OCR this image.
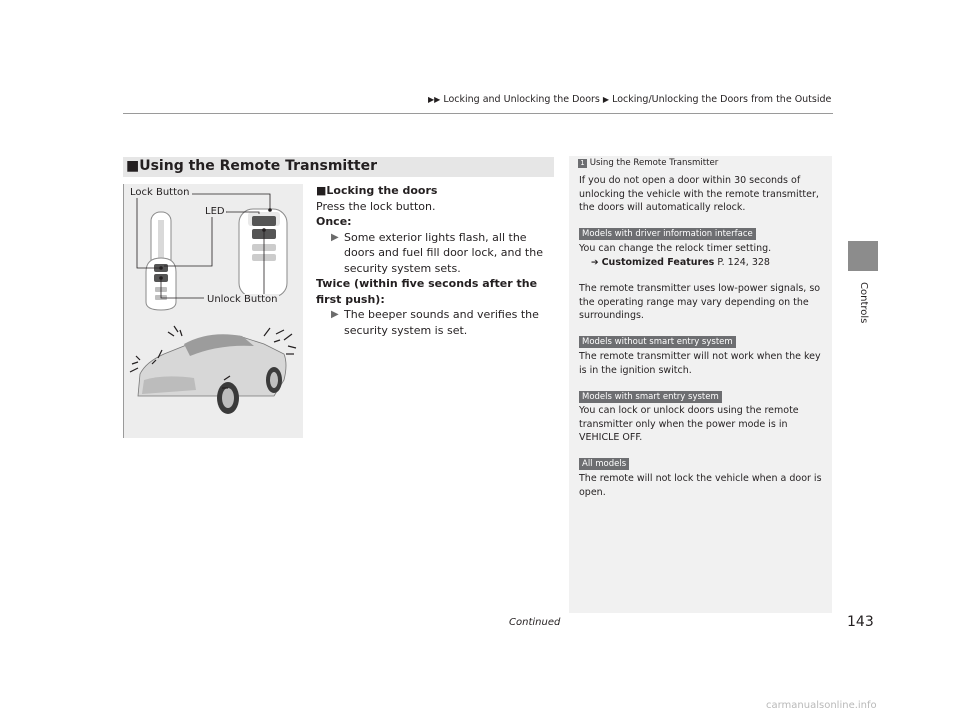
▶▶ Locking and Unlocking the Doors ▶ Locking/Unlocking the Doors from the Outside
Controls
■Using the Remote Transmitter
Lock Button
LED
Unlock Button
■Locking the doors
Press the lock button.
Once:
▶ Some exterior lights flash, all the doors and fuel fill door lock, and the security system sets.
Twice (within five seconds after the first push):
▶ The beeper sounds and verifies the security system is set.
1 Using the Remote Transmitter
If you do not open a door within 30 seconds of unlocking the vehicle with the remote transmitter, the doors will automatically relock.
Models with driver information interface
You can change the relock timer setting.
➔ Customized Features P. 124, 328
The remote transmitter uses low-power signals, so the operating range may vary depending on the surroundings.
Models without smart entry system
The remote transmitter will not work when the key is in the ignition switch.
Models with smart entry system
You can lock or unlock doors using the remote transmitter only when the power mode is in VEHICLE OFF.
All models
The remote will not lock the vehicle when a door is open.
Continued	143
carmanualsonline.info
